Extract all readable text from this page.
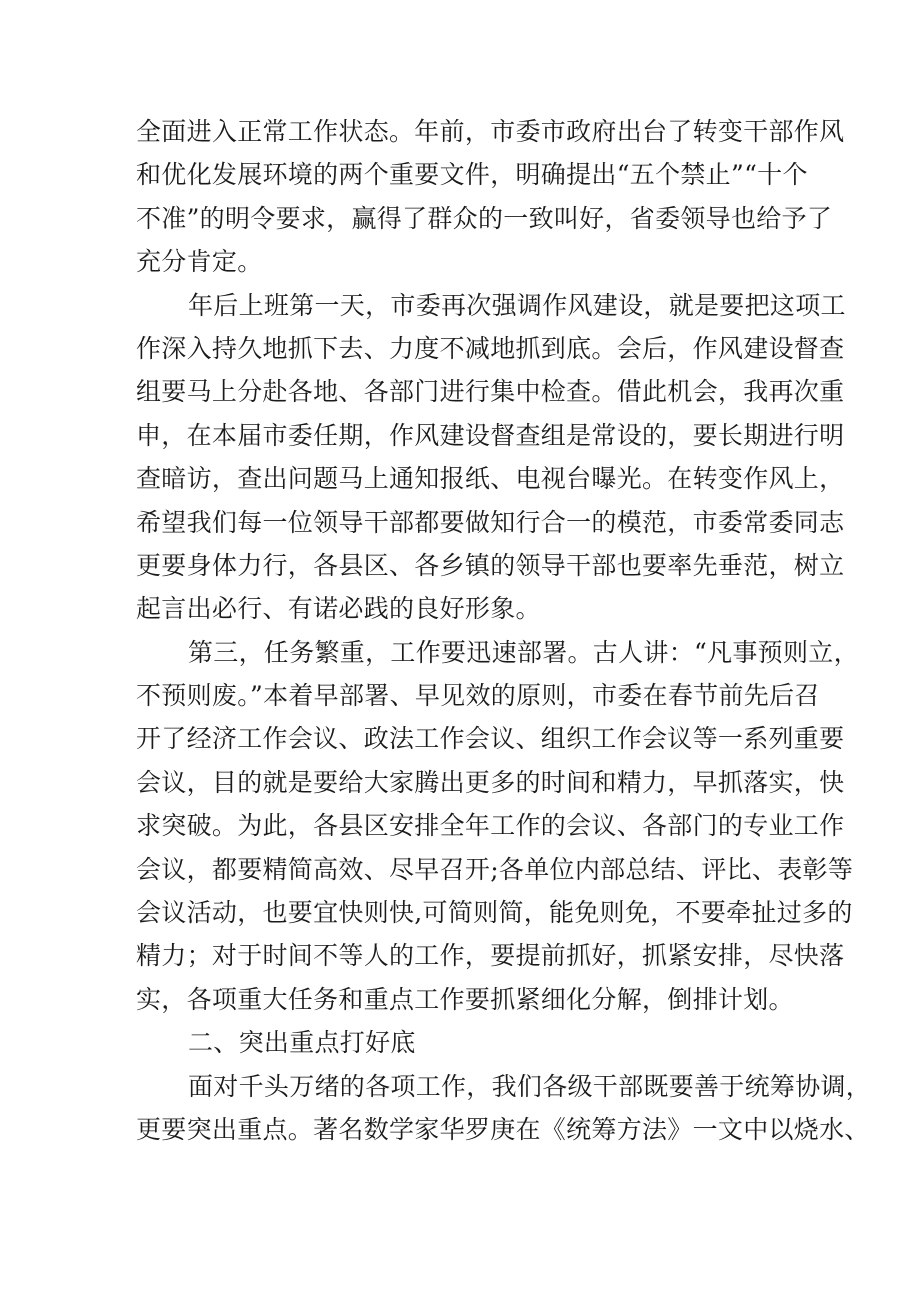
全面进入正常工作状态。年前，市委市政府出台了转变干部作风
和优化发展环境的两个重要文件，明确提出“五个禁止”“十个
不准”的明令要求，赢得了群众的一致叫好，省委领导也给予了
充分肯定。
年后上班第一天，市委再次强调作风建设，就是要把这项工
作深入持久地抓下去、力度不减地抓到底。会后，作风建设督查
组要马上分赴各地、各部门进行集中检查。借此机会，我再次重
申，在本届市委任期，作风建设督查组是常设的，要长期进行明
查暗访，查出问题马上通知报纸、电视台曝光。在转变作风上，
希望我们每一位领导干部都要做知行合一的模范，市委常委同志
更要身体力行，各县区、各乡镇的领导干部也要率先垂范，树立
起言出必行、有诺必践的良好形象。
第三，任务繁重，工作要迅速部署。古人讲：“凡事预则立，
不预则废。”本着早部署、早见效的原则，市委在春节前先后召
开了经济工作会议、政法工作会议、组织工作会议等一系列重要
会议，目的就是要给大家腾出更多的时间和精力，早抓落实，快
求突破。为此，各县区安排全年工作的会议、各部门的专业工作
会议，都要精简高效、尽早召开;各单位内部总结、评比、表彰等
会议活动，也要宜快则快,可简则简，能免则免，不要牵扯过多的
精力；对于时间不等人的工作，要提前抓好，抓紧安排，尽快落
实，各项重大任务和重点工作要抓紧细化分解，倒排计划。
二、突出重点打好底
面对千头万绪的各项工作，我们各级干部既要善于统筹协调，
更要突出重点。著名数学家华罗庚在《统筹方法》一文中以烧水、
